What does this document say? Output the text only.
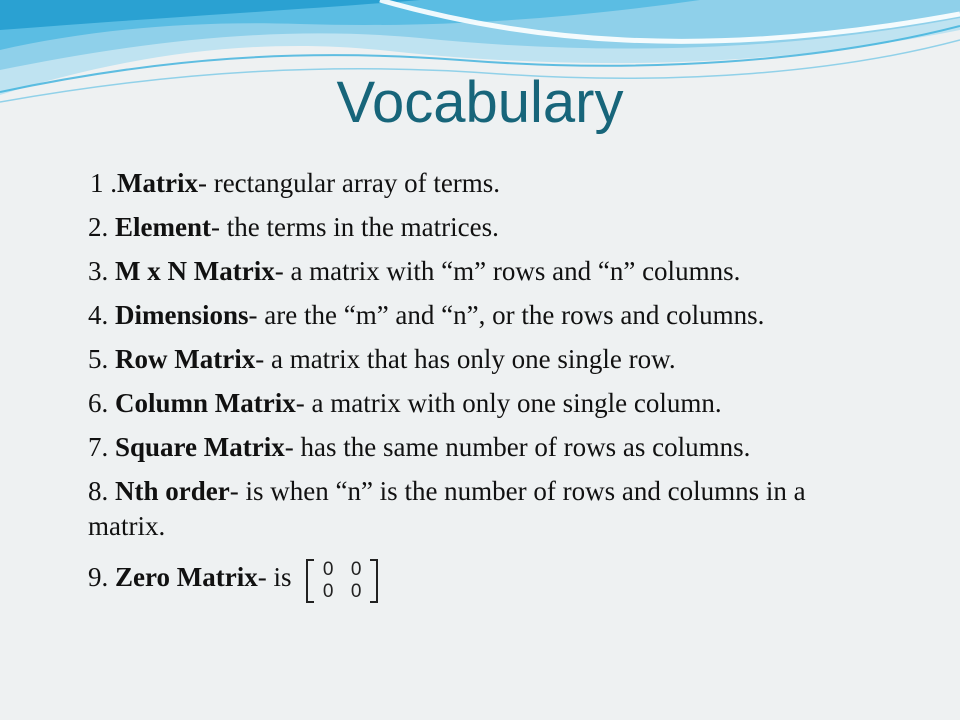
Vocabulary
1 .Matrix- rectangular array of terms.
2. Element- the terms in the matrices.
3. M x N Matrix- a matrix with “m” rows and “n” columns.
4. Dimensions- are the “m” and “n”, or the rows and columns.
5. Row Matrix- a matrix that has only one single row.
6. Column Matrix- a matrix with only one single column.
7. Square Matrix- has the same number of rows as columns.
8. Nth order- is when “n” is the number of rows and columns in a matrix.
9. Zero Matrix- is	0 0
0 0
